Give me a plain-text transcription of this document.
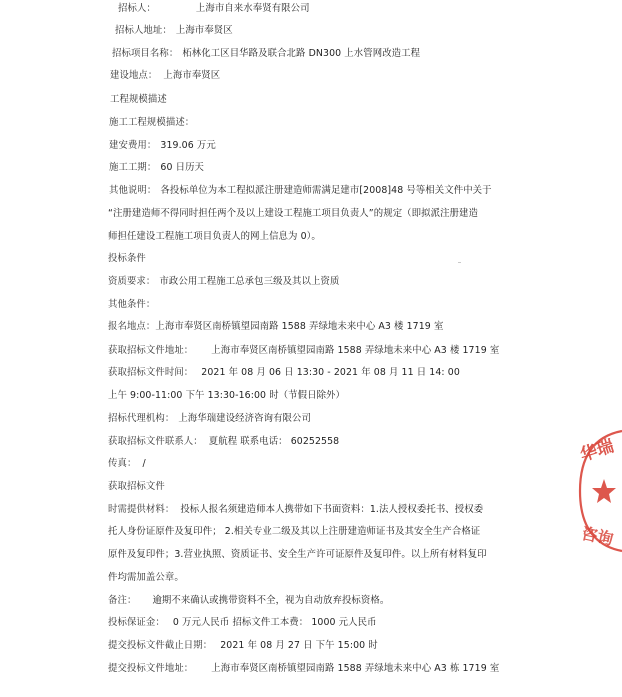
招标人：	上海市自来水奉贤有限公司
招标人地址： 上海市奉贤区
招标项目名称： 柘林化工区目华路及联合北路 DN300 上水管网改造工程
建设地点： 上海市奉贤区
工程规模描述
施工工程规模描述：
建安费用： 319.06 万元
施工工期： 60 日历天
其他说明： 各投标单位为本工程拟派注册建造师需满足建市[2008]48 号等相关文件中关于
“注册建造师不得同时担任两个及以上建设工程施工项目负责人”的规定（即拟派注册建造
师担任建设工程施工项目负责人的网上信息为 0）。
投标条件
资质要求： 市政公用工程施工总承包三级及其以上资质
其他条件：
报名地点：上海市奉贤区南桥镇望园南路 1588 弄绿地未来中心 A3 楼 1719 室
获取招标文件地址： 上海市奉贤区南桥镇望园南路 1588 弄绿地未来中心 A3 楼 1719 室
获取招标文件时间： 2021 年 08 月 06 日 13:30 - 2021 年 08 月 11 日 14: 00
上午 9:00-11:00 下午 13:30-16:00 时（节假日除外）
招标代理机构： 上海华瑞建设经济咨询有限公司
获取招标文件联系人： 夏航程 联系电话： 60252558
传真： /
获取招标文件
时需提供材料： 投标人报名须建造师本人携带如下书面资料：1.法人授权委托书、授权委
托人身份证原件及复印件； 2.相关专业二级及其以上注册建造师证书及其安全生产合格证
原件及复印件；3.营业执照、资质证书、安全生产许可证原件及复印件。以上所有材料复印
件均需加盖公章。
备注： 逾期不来确认或携带资料不全，视为自动放弃投标资格。
投标保证金： 0 万元人民币 招标文件工本费： 1000 元人民币
提交投标文件截止日期： 2021 年 08 月 27 日 下午 15:00 时
提交投标文件地址： 上海市奉贤区南桥镇望园南路 1588 弄绿地未来中心 A3 栋 1719 室
华瑞
咨询
